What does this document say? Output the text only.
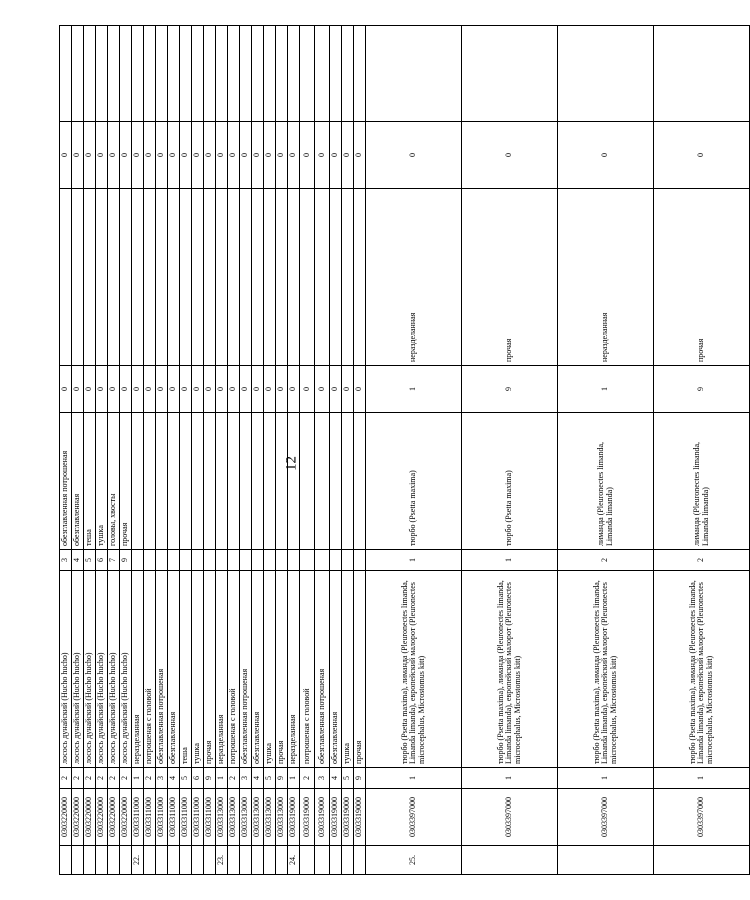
12
	0303220000	2	лосось дунайский (Hucho hucho)	3	обезглавленная потрошеная	0		0	
	0303220000	2	лосось дунайский (Hucho hucho)	4	обезглавленная	0		0	
	0303220000	2	лосось дунайский (Hucho hucho)	5	тешa	0		0	
	0303220000	2	лосось дунайский (Hucho hucho)	6	тушка	0		0	
	0303220000	2	лосось дунайский (Hucho hucho)	7	головы, хвосты	0		0	
	0303220000	2	лосось дунайский (Hucho hucho)	9	прочая	0		0	
22.	0303311000	1	неразделанная			0		0	
	0303311000	2	потрошеная с головой			0		0	
	0303311000	3	обезглавленная потрошеная			0		0	
	0303311000	4	обезглавленная			0		0	
	0303311000	5	теша			0		0	
	0303311000	6	тушка			0		0	
	0303311000	9	прочая			0		0	
23.	0303313000	1	неразделанная			0		0	
	0303313000	2	потрошеная с головой			0		0	
	0303313000	3	обезглавленная потрошеная			0		0	
	0303313000	4	обезглавленная			0		0	
	0303313000	5	тушка			0		0	
	0303313000	9	прочая			0		0	
24.	0303319000	1	неразделанная			0		0	
	0303319000	2	потрошеная с головой			0		0	
	0303319000	3	обезглавленная потрошеная			0		0	
	0303319000	4	обезглавленная			0		0	
	0303319000	5	тушка			0		0	
	0303319000	9	прочая			0		0	
25.	0303397000	1	тюрбо (Psetta maxima), лиманда (Pleuronectes limanda, Limanda limanda), европейский малорот (Pleuronectes microcephalus, Microstomus kitt)	1	тюрбо (Psetta maxima)	1	неразделанная	0	
	0303397000	1	тюрбо (Psetta maxima), лиманда (Pleuronectes limanda, Limanda limanda), европейский малорот (Pleuronectes microcephalus, Microstomus kitt)	1	тюрбо (Psetta maxima)	9	прочая	0	
	0303397000	1	тюрбо (Psetta maxima), лиманда (Pleuronectes limanda, Limanda limanda), европейский малорот (Pleuronectes microcephalus, Microstomus kitt)	2	лиманда (Pleuronectes limanda, Limanda limanda)	1	неразделанная	0	
	0303397000	1	тюрбо (Psetta maxima), лиманда (Pleuronectes limanda, Limanda limanda), европейский малорот (Pleuronectes microcephalus, Microstomus kitt)	2	лиманда (Pleuronectes limanda, Limanda limanda)	9	прочая	0	
